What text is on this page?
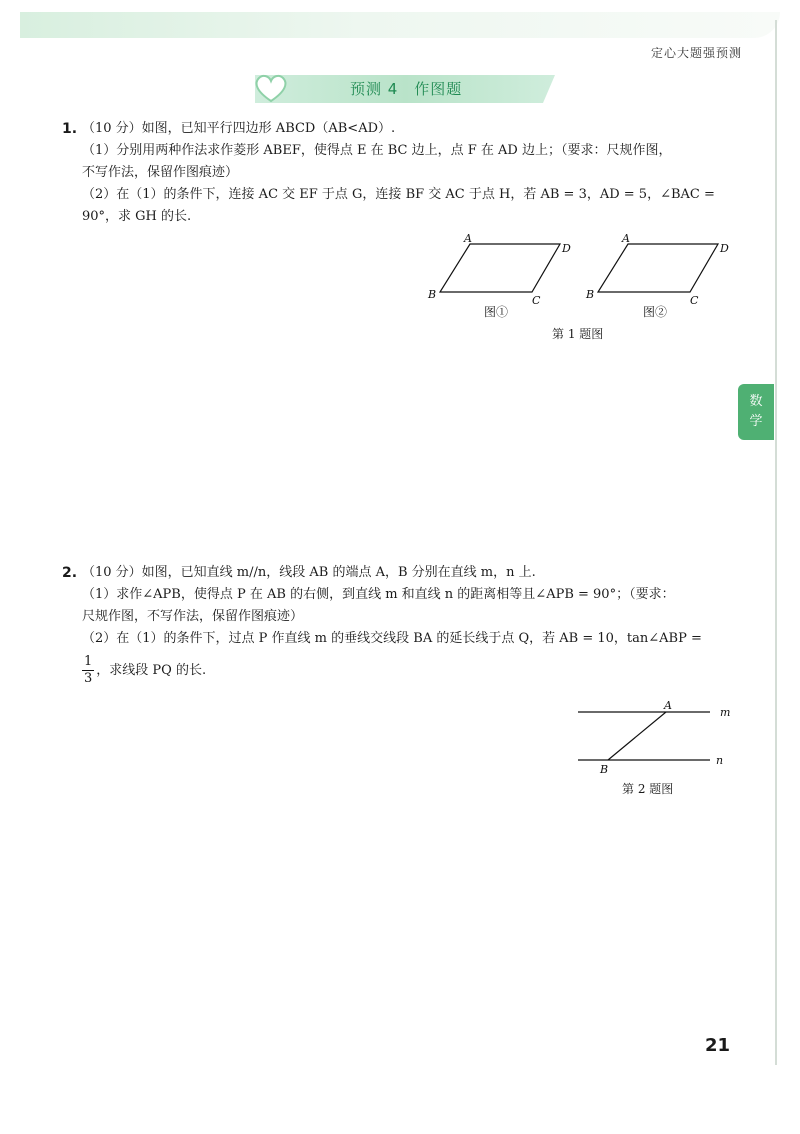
定心大题强预测
预测 4　作图题
数
学
1. （10 分）如图，已知平行四边形 ABCD（AB<AD）.
（1）分别用两种作法求作菱形 ABEF，使得点 E 在 BC 边上，点 F 在 AD 边上；（要求：尺规作图，
不写作法，保留作图痕迹）
（2）在（1）的条件下，连接 AC 交 EF 于点 G，连接 BF 交 AC 于点 H，若 AB = 3，AD = 5，∠BAC =
90°，求 GH 的长.
A
D
B	C
A
D
B	C
图①	图②
第 1 题图
2. （10 分）如图，已知直线 m//n，线段 AB 的端点 A，B 分别在直线 m，n 上.
（1）求作∠APB，使得点 P 在 AB 的右侧，到直线 m 和直线 n 的距离相等且∠APB = 90°；（要求：
尺规作图，不写作法，保留作图痕迹）
（2）在（1）的条件下，过点 P 作直线 m 的垂线交线段 BA 的延长线于点 Q，若 AB = 10，tan∠ABP =
$\frac{1}{3}$ ，求线段 PQ 的长.
A
B
m
n
第 2 题图
21
